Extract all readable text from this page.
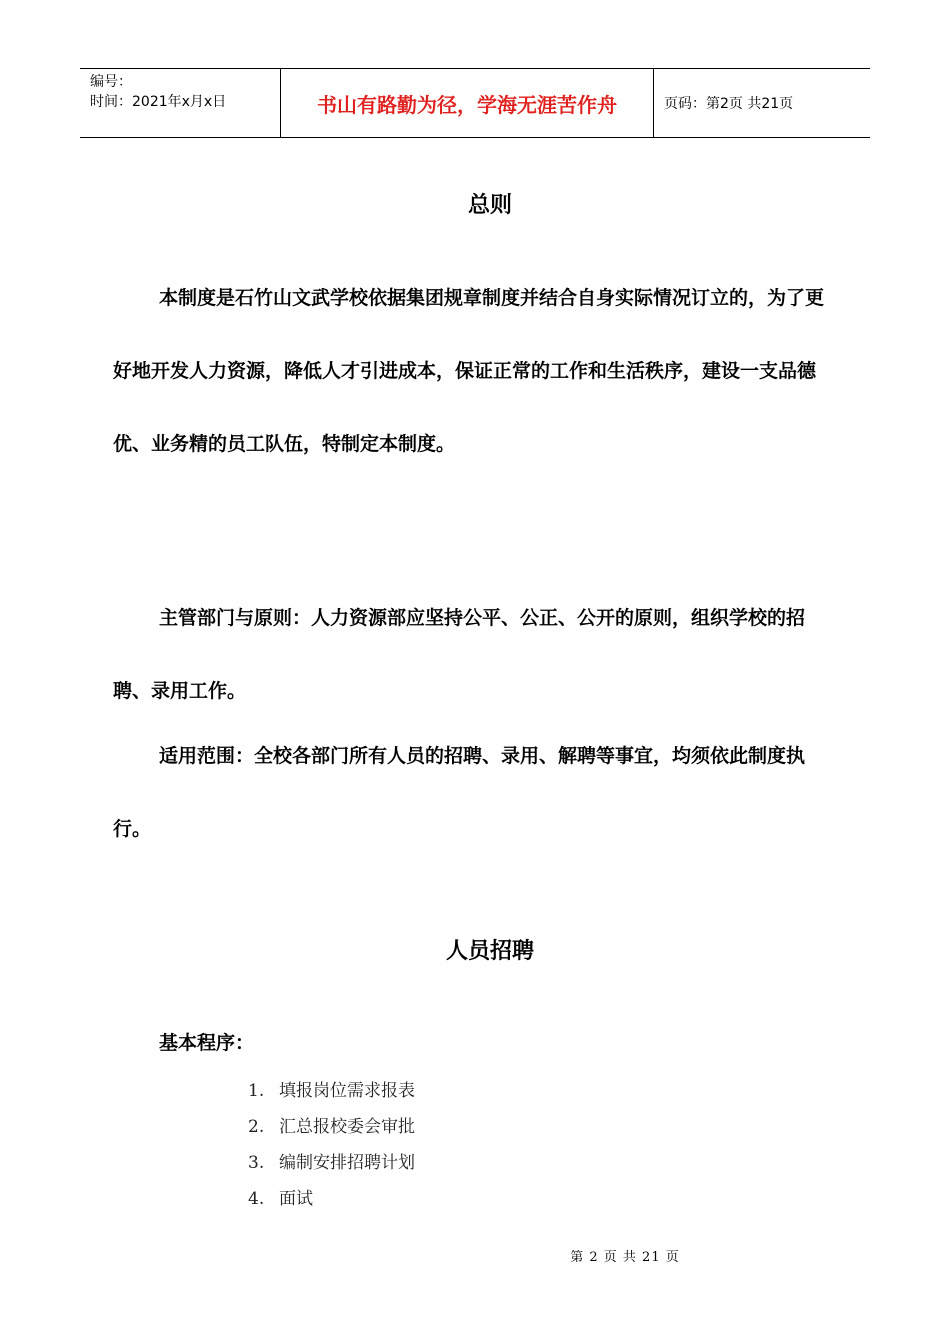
编号：
时间：2021年x月x日	书山有路勤为径，学海无涯苦作舟	页码：第2页 共21页
总则

本制度是石竹山文武学校依据集团规章制度并结合自身实际情况订立的，为了更好地开发人力资源，降低人才引进成本，保证正常的工作和生活秩序，建设一支品德优、业务精的员工队伍，特制定本制度。

主管部门与原则：人力资源部应坚持公平、公正、公开的原则，组织学校的招聘、录用工作。

适用范围：全校各部门所有人员的招聘、录用、解聘等事宜，均须依此制度执行。

人员招聘
基本程序：
1. 填报岗位需求报表
2. 汇总报校委会审批
3. 编制安排招聘计划
4. 面试
第 2 页 共 21 页
